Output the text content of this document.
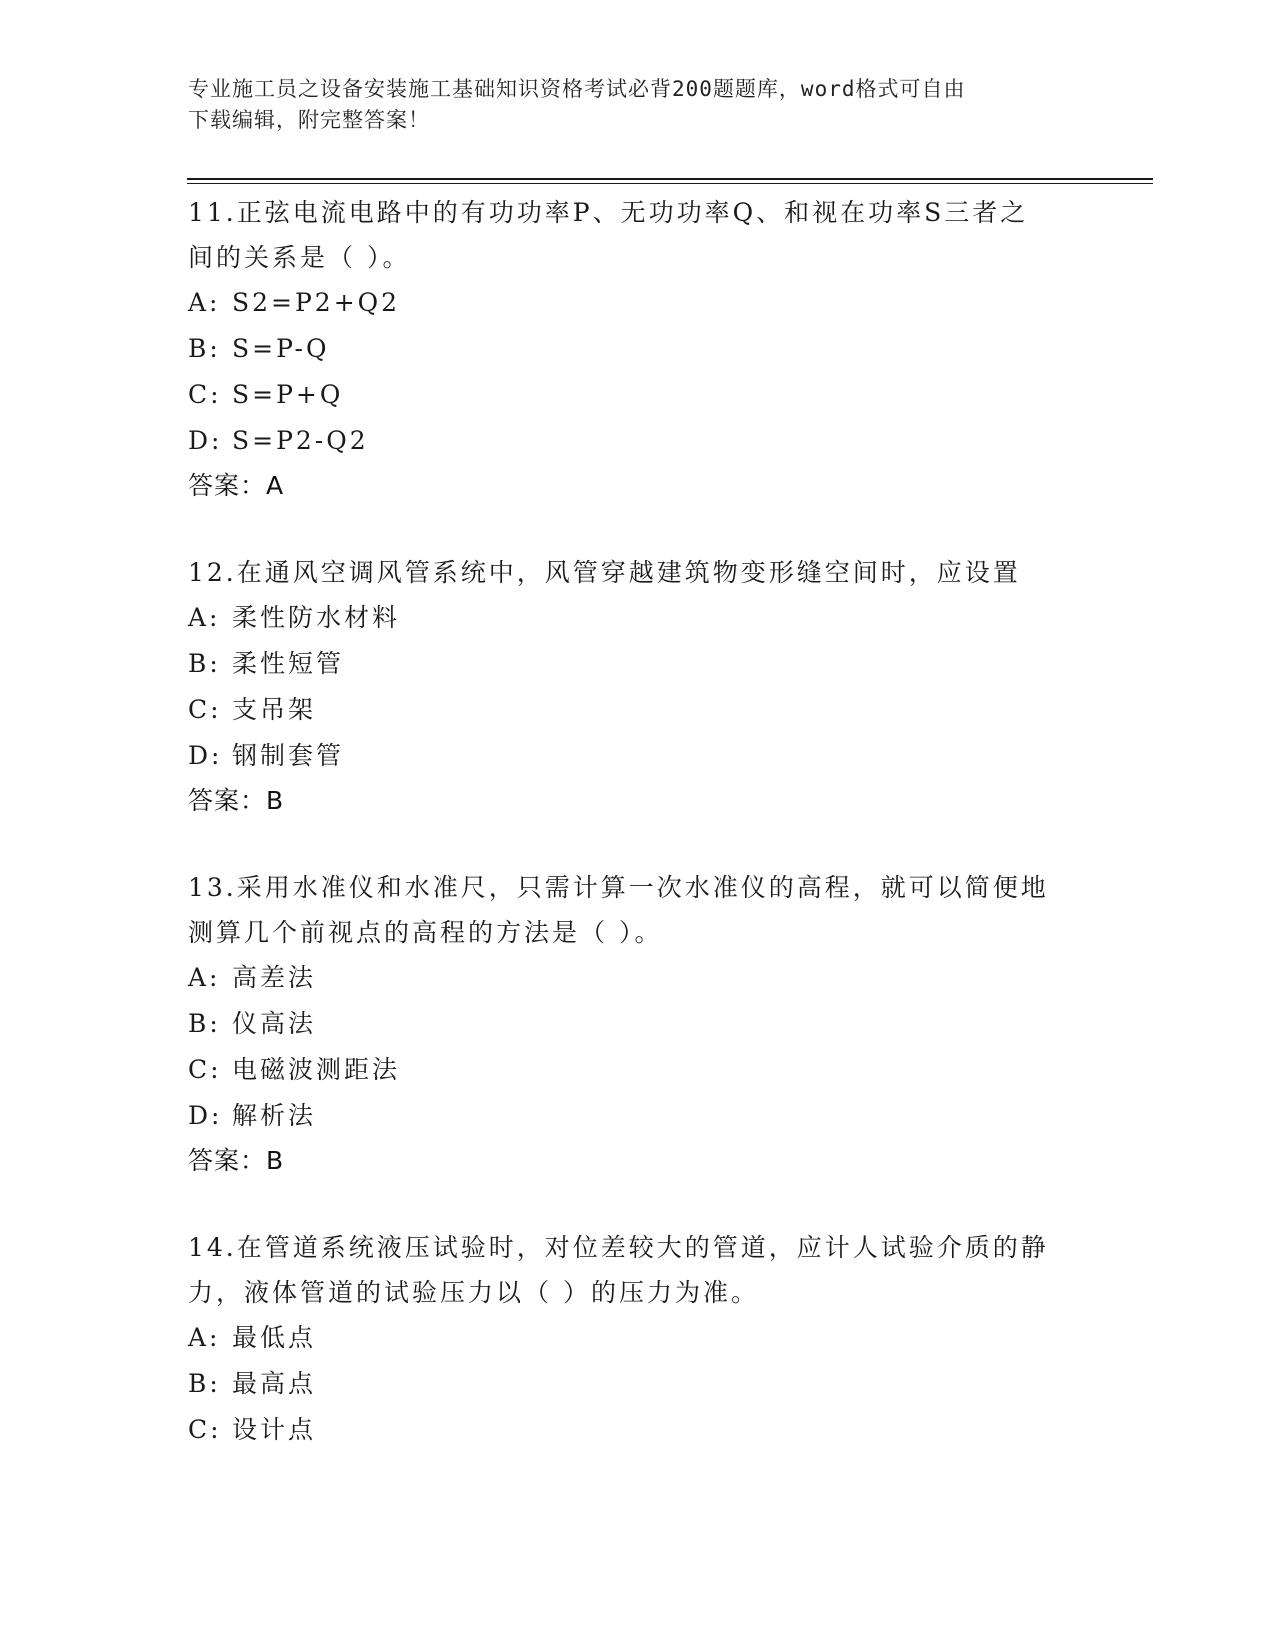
专业施工员之设备安装施工基础知识资格考试必背200题题库，word格式可自由
下载编辑，附完整答案！

11.正弦电流电路中的有功功率P、无功功率Q、和视在功率S三者之
间的关系是（ ）。

A: S2=P2+Q2
B: S=P-Q
C: S=P+Q
D: S=P2-Q2
答案：A

12.在通风空调风管系统中，风管穿越建筑物变形缝空间时，应设置

A: 柔性防水材料
B: 柔性短管
C: 支吊架
D: 钢制套管
答案：B

13.采用水准仪和水准尺，只需计算一次水准仪的高程，就可以简便地
测算几个前视点的高程的方法是（ ）。

A: 高差法
B: 仪高法
C: 电磁波测距法
D: 解析法
答案：B

14.在管道系统液压试验时，对位差较大的管道，应计人试验介质的静
力，液体管道的试验压力以（ ）的压力为准。

A: 最低点
B: 最高点
C: 设计点
